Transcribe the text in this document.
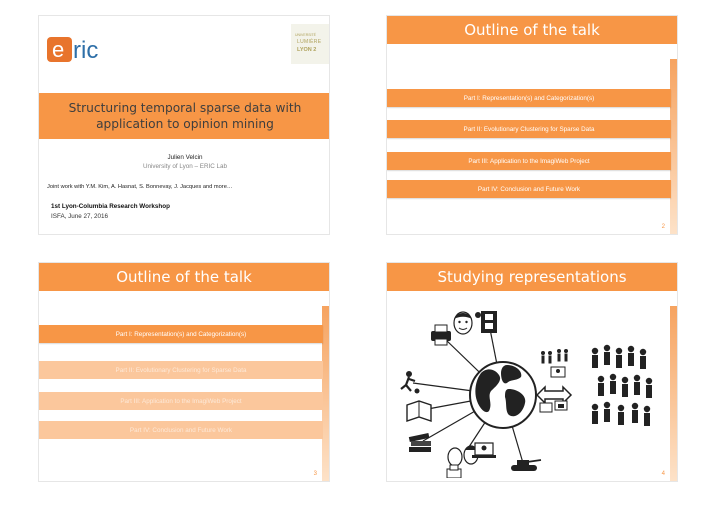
e ric
UNIVERSITÉ
LUMIÈRE
LYON 2
Structuring temporal sparse data with
application to opinion mining
Julien Velcin
University of Lyon – ERIC Lab
Joint work with Y.M. Kim, A. Hasnat, S. Bonnevay, J. Jacques and more…
1st Lyon-Columbia Research Workshop
ISFA, June 27, 2016
Outline of the talk
Part I: Representation(s) and Categorization(s)
Part II: Evolutionary Clustering for Sparse Data
Part III: Application to the ImagiWeb Project
Part IV: Conclusion and Future Work
2
Outline of the talk
Part I: Representation(s) and Categorization(s)
Part II: Evolutionary Clustering for Sparse Data
Part III: Application to the ImagiWeb Project
Part IV: Conclusion and Future Work
3
Studying representations
4
